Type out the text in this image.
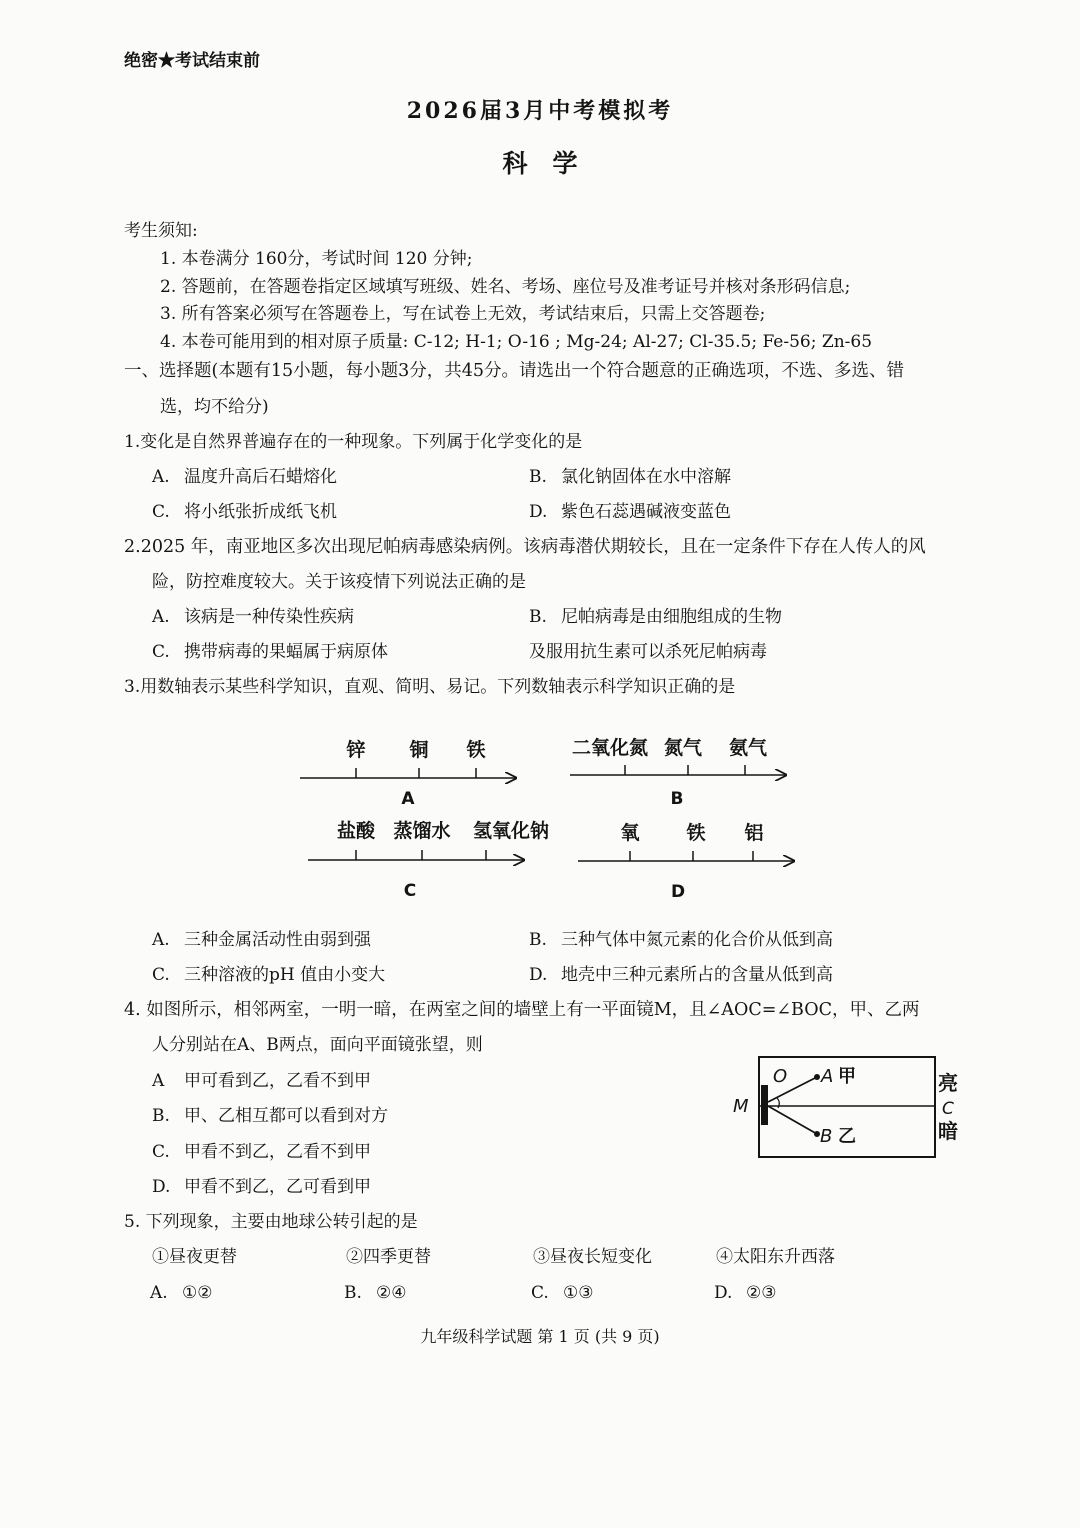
绝密★考试结束前
2026届3月中考模拟考
科　学
考生须知:
1. 本卷满分 160分，考试时间 120 分钟;
2. 答题前，在答题卷指定区域填写班级、姓名、考场、座位号及准考证号并核对条形码信息;
3. 所有答案必须写在答题卷上，写在试卷上无效，考试结束后，只需上交答题卷;
4. 本卷可能用到的相对原子质量: C-12; H-1; O-16 ; Mg-24; Al-27; Cl-35.5; Fe-56; Zn-65
一、选择题(本题有15小题，每小题3分，共45分。请选出一个符合题意的正确选项，不选、多选、错
选，均不给分)
1.变化是自然界普遍存在的一种现象。下列属于化学变化的是
A. 温度升高后石蜡熔化	B. 氯化钠固体在水中溶解
C. 将小纸张折成纸飞机	D. 紫色石蕊遇碱液变蓝色
2.2025 年，南亚地区多次出现尼帕病毒感染病例。该病毒潜伏期较长，且在一定条件下存在人传人的风
险，防控难度较大。关于该疫情下列说法正确的是
A. 该病是一种传染性疾病	B. 尼帕病毒是由细胞组成的生物
C. 携带病毒的果蝠属于病原体	及服用抗生素可以杀死尼帕病毒
3.用数轴表示某些科学知识，直观、简明、易记。下列数轴表示科学知识正确的是
锌 铜 铁
A
二氧化氮 氮气 氨气
B
盐酸 蒸馏水 氢氧化钠
C
氧 铁 铝
D
A. 三种金属活动性由弱到强	B. 三种气体中氮元素的化合价从低到高
C. 三种溶液的pH 值由小变大	D. 地壳中三种元素所占的含量从低到高
4. 如图所示，相邻两室，一明一暗，在两室之间的墙壁上有一平面镜M，且∠AOC=∠BOC，甲、乙两
人分别站在A、B两点，面向平面镜张望，则
A 甲可看到乙，乙看不到甲
B. 甲、乙相互都可以看到对方
C. 甲看不到乙，乙看不到甲
D. 甲看不到乙，乙可看到甲
O A
M
B
C
甲
乙
亮
暗
5. 下列现象，主要由地球公转引起的是
①昼夜更替	②四季更替	③昼夜长短变化	④太阳东升西落
A. ①②	B. ②④	C. ①③	D. ②③
九年级科学试题 第 1 页 (共 9 页)
